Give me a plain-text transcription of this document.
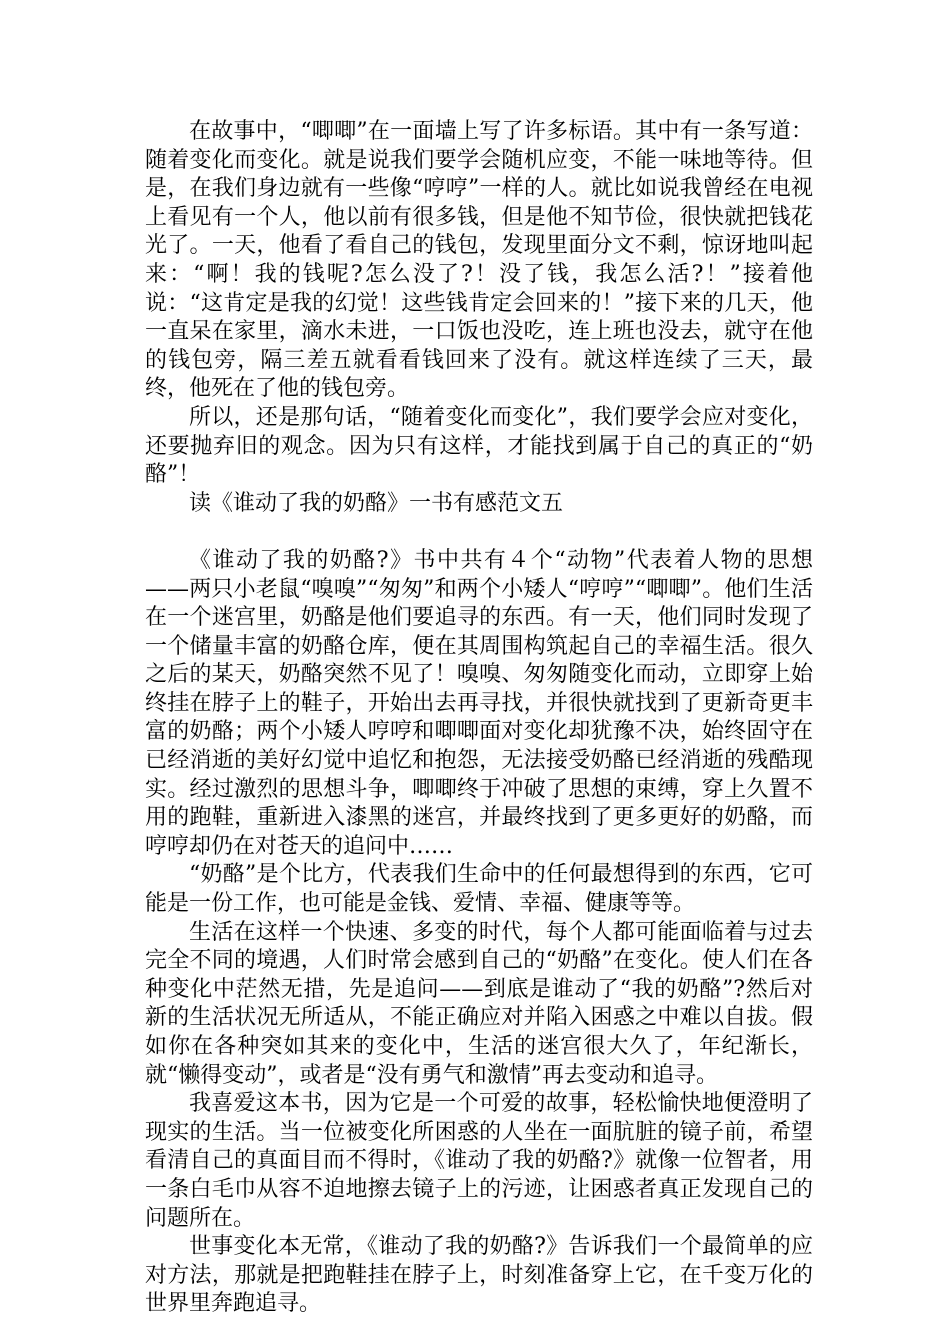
在故事中，“唧唧”在一面墙上写了许多标语。其中有一条写道：随着变化而变化。就是说我们要学会随机应变，不能一味地等待。但是，在我们身边就有一些像“哼哼”一样的人。就比如说我曾经在电视上看见有一个人，他以前有很多钱，但是他不知节俭，很快就把钱花光了。一天，他看了看自己的钱包，发现里面分文不剩，惊讶地叫起来：“啊！我的钱呢?怎么没了?！没了钱，我怎么活?！”接着他说：“这肯定是我的幻觉！这些钱肯定会回来的！”接下来的几天，他一直呆在家里，滴水未进，一口饭也没吃，连上班也没去，就守在他的钱包旁，隔三差五就看看钱回来了没有。就这样连续了三天，最终，他死在了他的钱包旁。

所以，还是那句话，“随着变化而变化”，我们要学会应对变化，还要抛弃旧的观念。因为只有这样，才能找到属于自己的真正的“奶酪”！

读《谁动了我的奶酪》一书有感范文五

《谁动了我的奶酪?》书中共有４个“动物”代表着人物的思想——两只小老鼠“嗅嗅”“匆匆”和两个小矮人“哼哼”“唧唧”。他们生活在一个迷宫里，奶酪是他们要追寻的东西。有一天，他们同时发现了一个储量丰富的奶酪仓库，便在其周围构筑起自己的幸福生活。很久之后的某天，奶酪突然不见了！嗅嗅、匆匆随变化而动，立即穿上始终挂在脖子上的鞋子，开始出去再寻找，并很快就找到了更新奇更丰富的奶酪；两个小矮人哼哼和唧唧面对变化却犹豫不决，始终固守在已经消逝的美好幻觉中追忆和抱怨，无法接受奶酪已经消逝的残酷现实。经过激烈的思想斗争，唧唧终于冲破了思想的束缚，穿上久置不用的跑鞋，重新进入漆黑的迷宫，并最终找到了更多更好的奶酪，而哼哼却仍在对苍天的追问中……

“奶酪”是个比方，代表我们生命中的任何最想得到的东西，它可能是一份工作，也可能是金钱、爱情、幸福、健康等等。

生活在这样一个快速、多变的时代，每个人都可能面临着与过去完全不同的境遇，人们时常会感到自己的“奶酪”在变化。使人们在各种变化中茫然无措，先是追问——到底是谁动了“我的奶酪”?然后对新的生活状况无所适从，不能正确应对并陷入困惑之中难以自拔。假如你在各种突如其来的变化中，生活的迷宫很大久了，年纪渐长，就“懒得变动”，或者是“没有勇气和激情”再去变动和追寻。

我喜爱这本书，因为它是一个可爱的故事，轻松愉快地便澄明了现实的生活。当一位被变化所困惑的人坐在一面肮脏的镜子前，希望看清自己的真面目而不得时，《谁动了我的奶酪?》就像一位智者，用一条白毛巾从容不迫地擦去镜子上的污迹，让困惑者真正发现自己的问题所在。

世事变化本无常，《谁动了我的奶酪?》告诉我们一个最简单的应对方法，那就是把跑鞋挂在脖子上，时刻准备穿上它，在千变万化的世界里奔跑追寻。
